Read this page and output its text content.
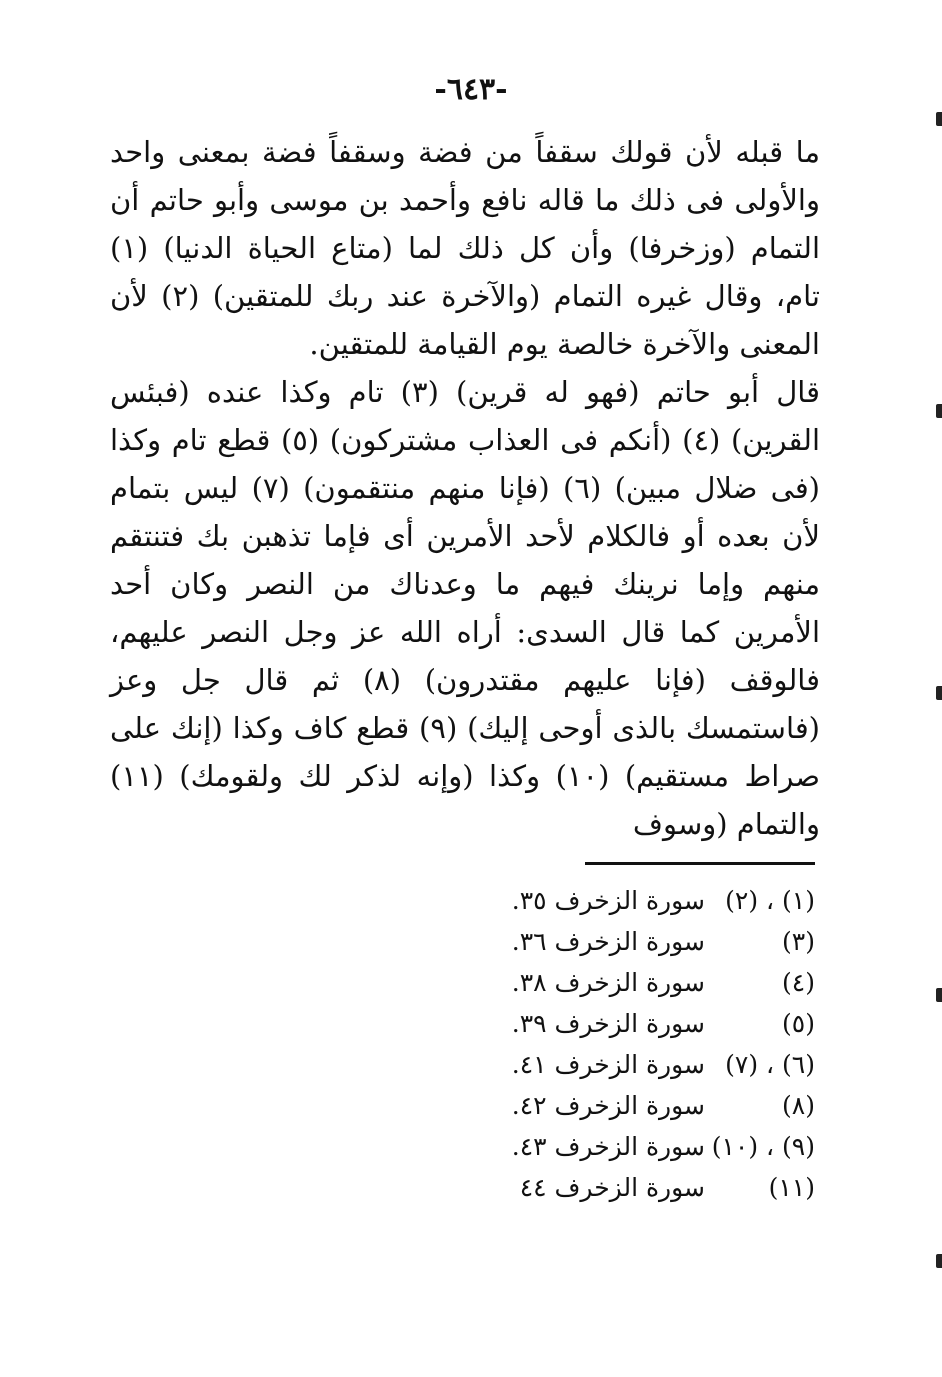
-٦٤٣-

ما قبله لأن قولك سقفاً من فضة وسقفاً فضة بمعنى واحد والأولى فى ذلك ما قاله نافع وأحمد بن موسى وأبو حاتم أن التمام (وزخرفا) وأن كل ذلك لما (متاع الحياة الدنيا) (١) تام، وقال غيره التمام (والآخرة عند ربك للمتقين) (٢) لأن المعنى والآخرة خالصة يوم القيامة للمتقين.

قال أبو حاتم (فهو له قرين) (٣) تام وكذا عنده (فبئس القرين) (٤) (أنكم فى العذاب مشتركون) (٥) قطع تام وكذا (فى ضلال مبين) (٦) (فإنا منهم منتقمون) (٧) ليس بتمام لأن بعده أو فالكلام لأحد الأمرين أى فإما تذهبن بك فتنتقم منهم وإما نرينك فيهم ما وعدناك من النصر وكان أحد الأمرين كما قال السدى: أراه الله عز وجل النصر عليهم، فالوقف (فإنا عليهم مقتدرون) (٨) ثم قال جل وعز (فاستمسك بالذى أوحى إليك) (٩) قطع كاف وكذا (إنك على صراط مستقيم) (١٠) وكذا (وإنه لذكر لك ولقومك) (١١) والتمام (وسوف

(١) ، (٢)
سورة الزخرف ٣٥.
(٣)
سورة الزخرف ٣٦.
(٤)
سورة الزخرف ٣٨.
(٥)
سورة الزخرف ٣٩.
(٦) ، (٧)
سورة الزخرف ٤١.
(٨)
سورة الزخرف ٤٢.
(٩) ، (١٠)
سورة الزخرف ٤٣.
(١١)
سورة الزخرف ٤٤
